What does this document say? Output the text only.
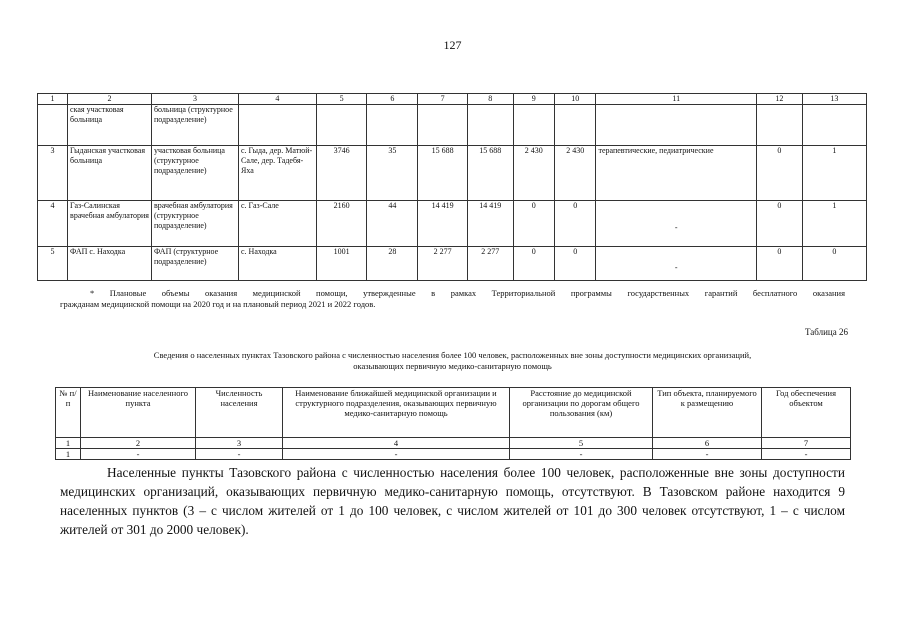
127
1	2	3	4	5	6	7	8	9	10	11	12	13
	ская участковая больница	больница (структурное подразделение)										
3	Гыданская участковая больница	участковая больница (структурное подразделение)	с. Гыда, дер. Матюй-Сале, дер. Тадебя-Яха	3746	35	15 688	15 688	2 430	2 430	терапевтические, педиатрические	0	1
4	Газ-Салинская врачебная амбулатория	врачебная амбулатория (структурное подразделение)	с. Газ-Сале	2160	44	14 419	14 419	0	0	-	0	1
5	ФАП с. Находка	ФАП (структурное подразделение)	с. Находка	1001	28	2 277	2 277	0	0	-	0	0
* Плановые объемы оказания медицинской помощи, утвержденные в рамках Территориальной программы государственных гарантий бесплатного оказания
гражданам медицинской помощи на 2020 год и на плановый период 2021 и 2022 годов.
Таблица 26
Сведения о населенных пунктах Тазовского района с численностью населения более 100 человек, расположенных вне зоны доступности медицинских организаций,
оказывающих первичную медико-санитарную помощь
№ п/п	Наименование населенного пункта	Численность населения	Наименование ближайшей медицинской организации и структурного подразделения, оказывающих первичную медико-санитарную помощь	Расстояние до медицинской организации по дорогам общего пользования (км)	Тип объекта, планируемого к размещению	Год обеспечения объектом
1	2	3	4	5	6	7
1	-	-	-	-	-	-
Населенные пункты Тазовского района с численностью населения более 100 человек, расположенные вне зоны доступности медицинских организаций, оказывающих первичную медико-санитарную помощь, отсутствуют. В Тазовском районе находится 9 населенных пунктов (3 – с числом жителей от 1 до 100 человек, с числом жителей от 101 до 300 человек отсутствуют, 1 – с числом жителей от 301 до 2000 человек).
